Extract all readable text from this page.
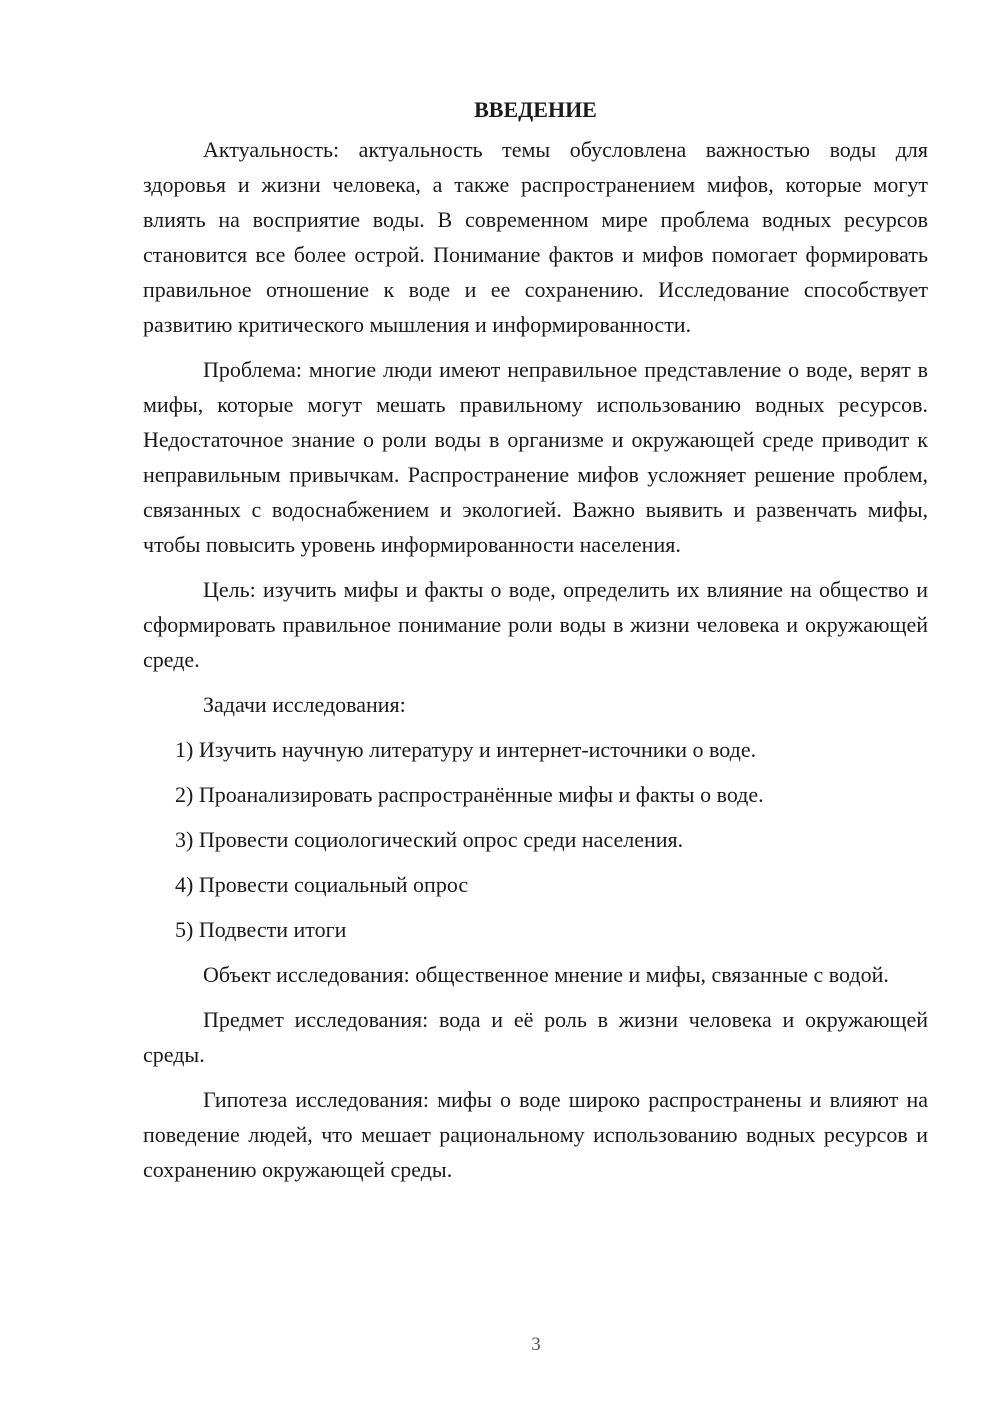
ВВЕДЕНИЕ

Актуальность: актуальность темы обусловлена важностью воды для здоровья и жизни человека, а также распространением мифов, которые могут влиять на восприятие воды. В современном мире проблема водных ресурсов становится все более острой. Понимание фактов и мифов помогает формировать правильное отношение к воде и ее сохранению. Исследование способствует развитию критического мышления и информированности.

Проблема: многие люди имеют неправильное представление о воде, верят в мифы, которые могут мешать правильному использованию водных ресурсов. Недостаточное знание о роли воды в организме и окружающей среде приводит к неправильным привычкам. Распространение мифов усложняет решение проблем, связанных с водоснабжением и экологией. Важно выявить и развенчать мифы, чтобы повысить уровень информированности населения.

Цель: изучить мифы и факты о воде, определить их влияние на общество и сформировать правильное понимание роли воды в жизни человека и окружающей среде.

Задачи исследования:

1) Изучить научную литературу и интернет-источники о воде.

2) Проанализировать распространённые мифы и факты о воде.

3) Провести социологический опрос среди населения.

4) Провести социальный опрос

5) Подвести итоги

Объект исследования: общественное мнение и мифы, связанные с водой.

Предмет исследования: вода и её роль в жизни человека и окружающей среды.

Гипотеза исследования: мифы о воде широко распространены и влияют на поведение людей, что мешает рациональному использованию водных ресурсов и сохранению окружающей среды.

3
